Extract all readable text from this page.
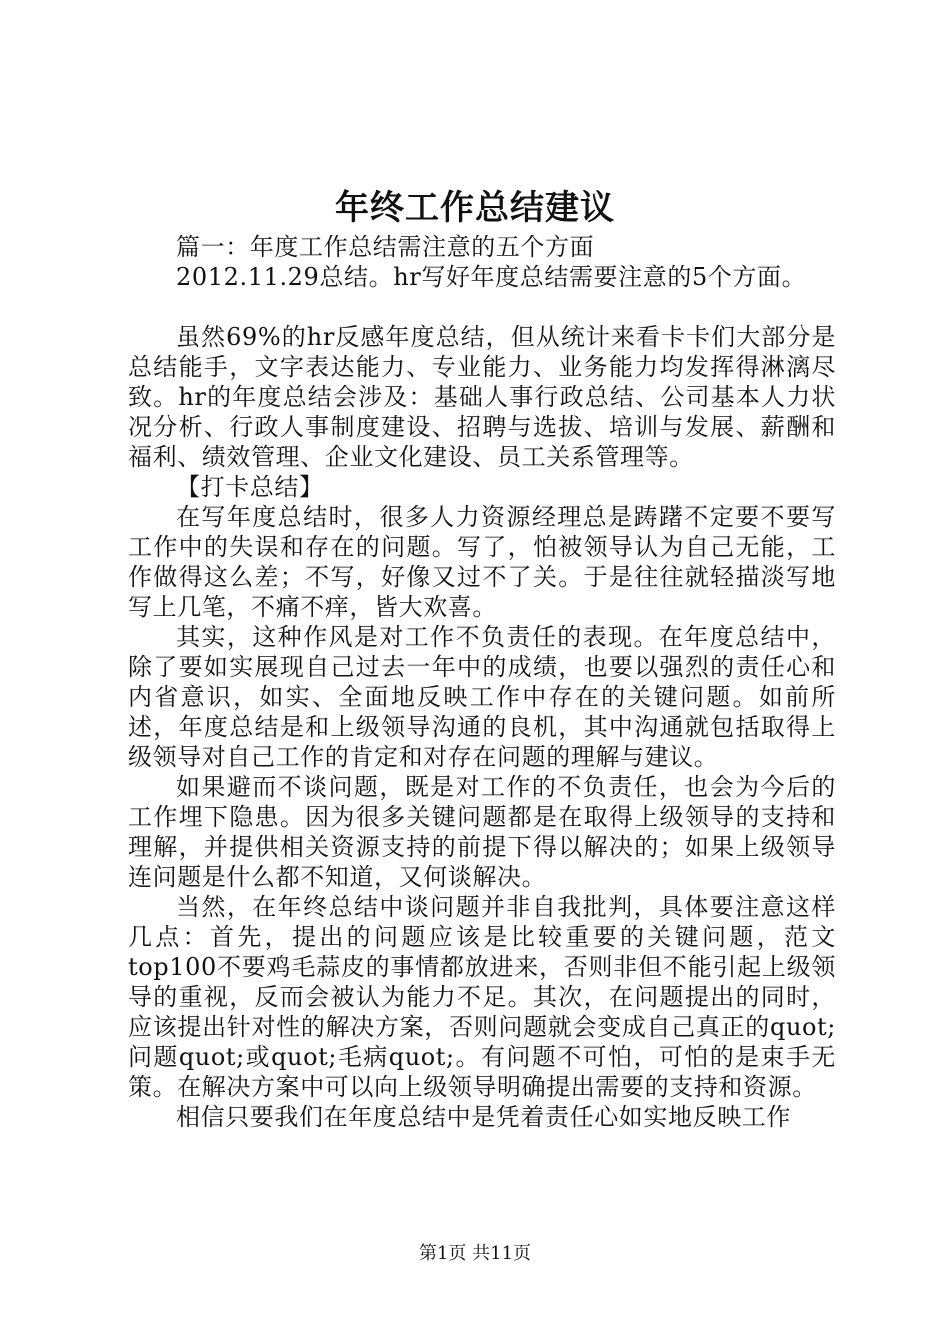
年终工作总结建议

篇一：年度工作总结需注意的五个方面

2012.11.29总结。hr写好年度总结需要注意的5个方面。

虽然69%的hr反感年度总结，但从统计来看卡卡们大部分是总结能手，文字表达能力、专业能力、业务能力均发挥得淋漓尽致。hr的年度总结会涉及：基础人事行政总结、公司基本人力状况分析、行政人事制度建设、招聘与选拔、培训与发展、薪酬和福利、绩效管理、企业文化建设、员工关系管理等。

【打卡总结】

在写年度总结时，很多人力资源经理总是踌躇不定要不要写工作中的失误和存在的问题。写了，怕被领导认为自己无能，工作做得这么差；不写，好像又过不了关。于是往往就轻描淡写地写上几笔，不痛不痒，皆大欢喜。

其实，这种作风是对工作不负责任的表现。在年度总结中，除了要如实展现自己过去一年中的成绩，也要以强烈的责任心和内省意识，如实、全面地反映工作中存在的关键问题。如前所述，年度总结是和上级领导沟通的良机，其中沟通就包括取得上级领导对自己工作的肯定和对存在问题的理解与建议。

如果避而不谈问题，既是对工作的不负责任，也会为今后的工作埋下隐患。因为很多关键问题都是在取得上级领导的支持和理解，并提供相关资源支持的前提下得以解决的；如果上级领导连问题是什么都不知道，又何谈解决。

当然，在年终总结中谈问题并非自我批判，具体要注意这样几点：首先，提出的问题应该是比较重要的关键问题，范文top100不要鸡毛蒜皮的事情都放进来，否则非但不能引起上级领导的重视，反而会被认为能力不足。其次，在问题提出的同时，应该提出针对性的解决方案，否则问题就会变成自己真正的quot;问题quot;或quot;毛病quot;。有问题不可怕，可怕的是束手无策。在解决方案中可以向上级领导明确提出需要的支持和资源。

相信只要我们在年度总结中是凭着责任心如实地反映工作

第1页 共11页
